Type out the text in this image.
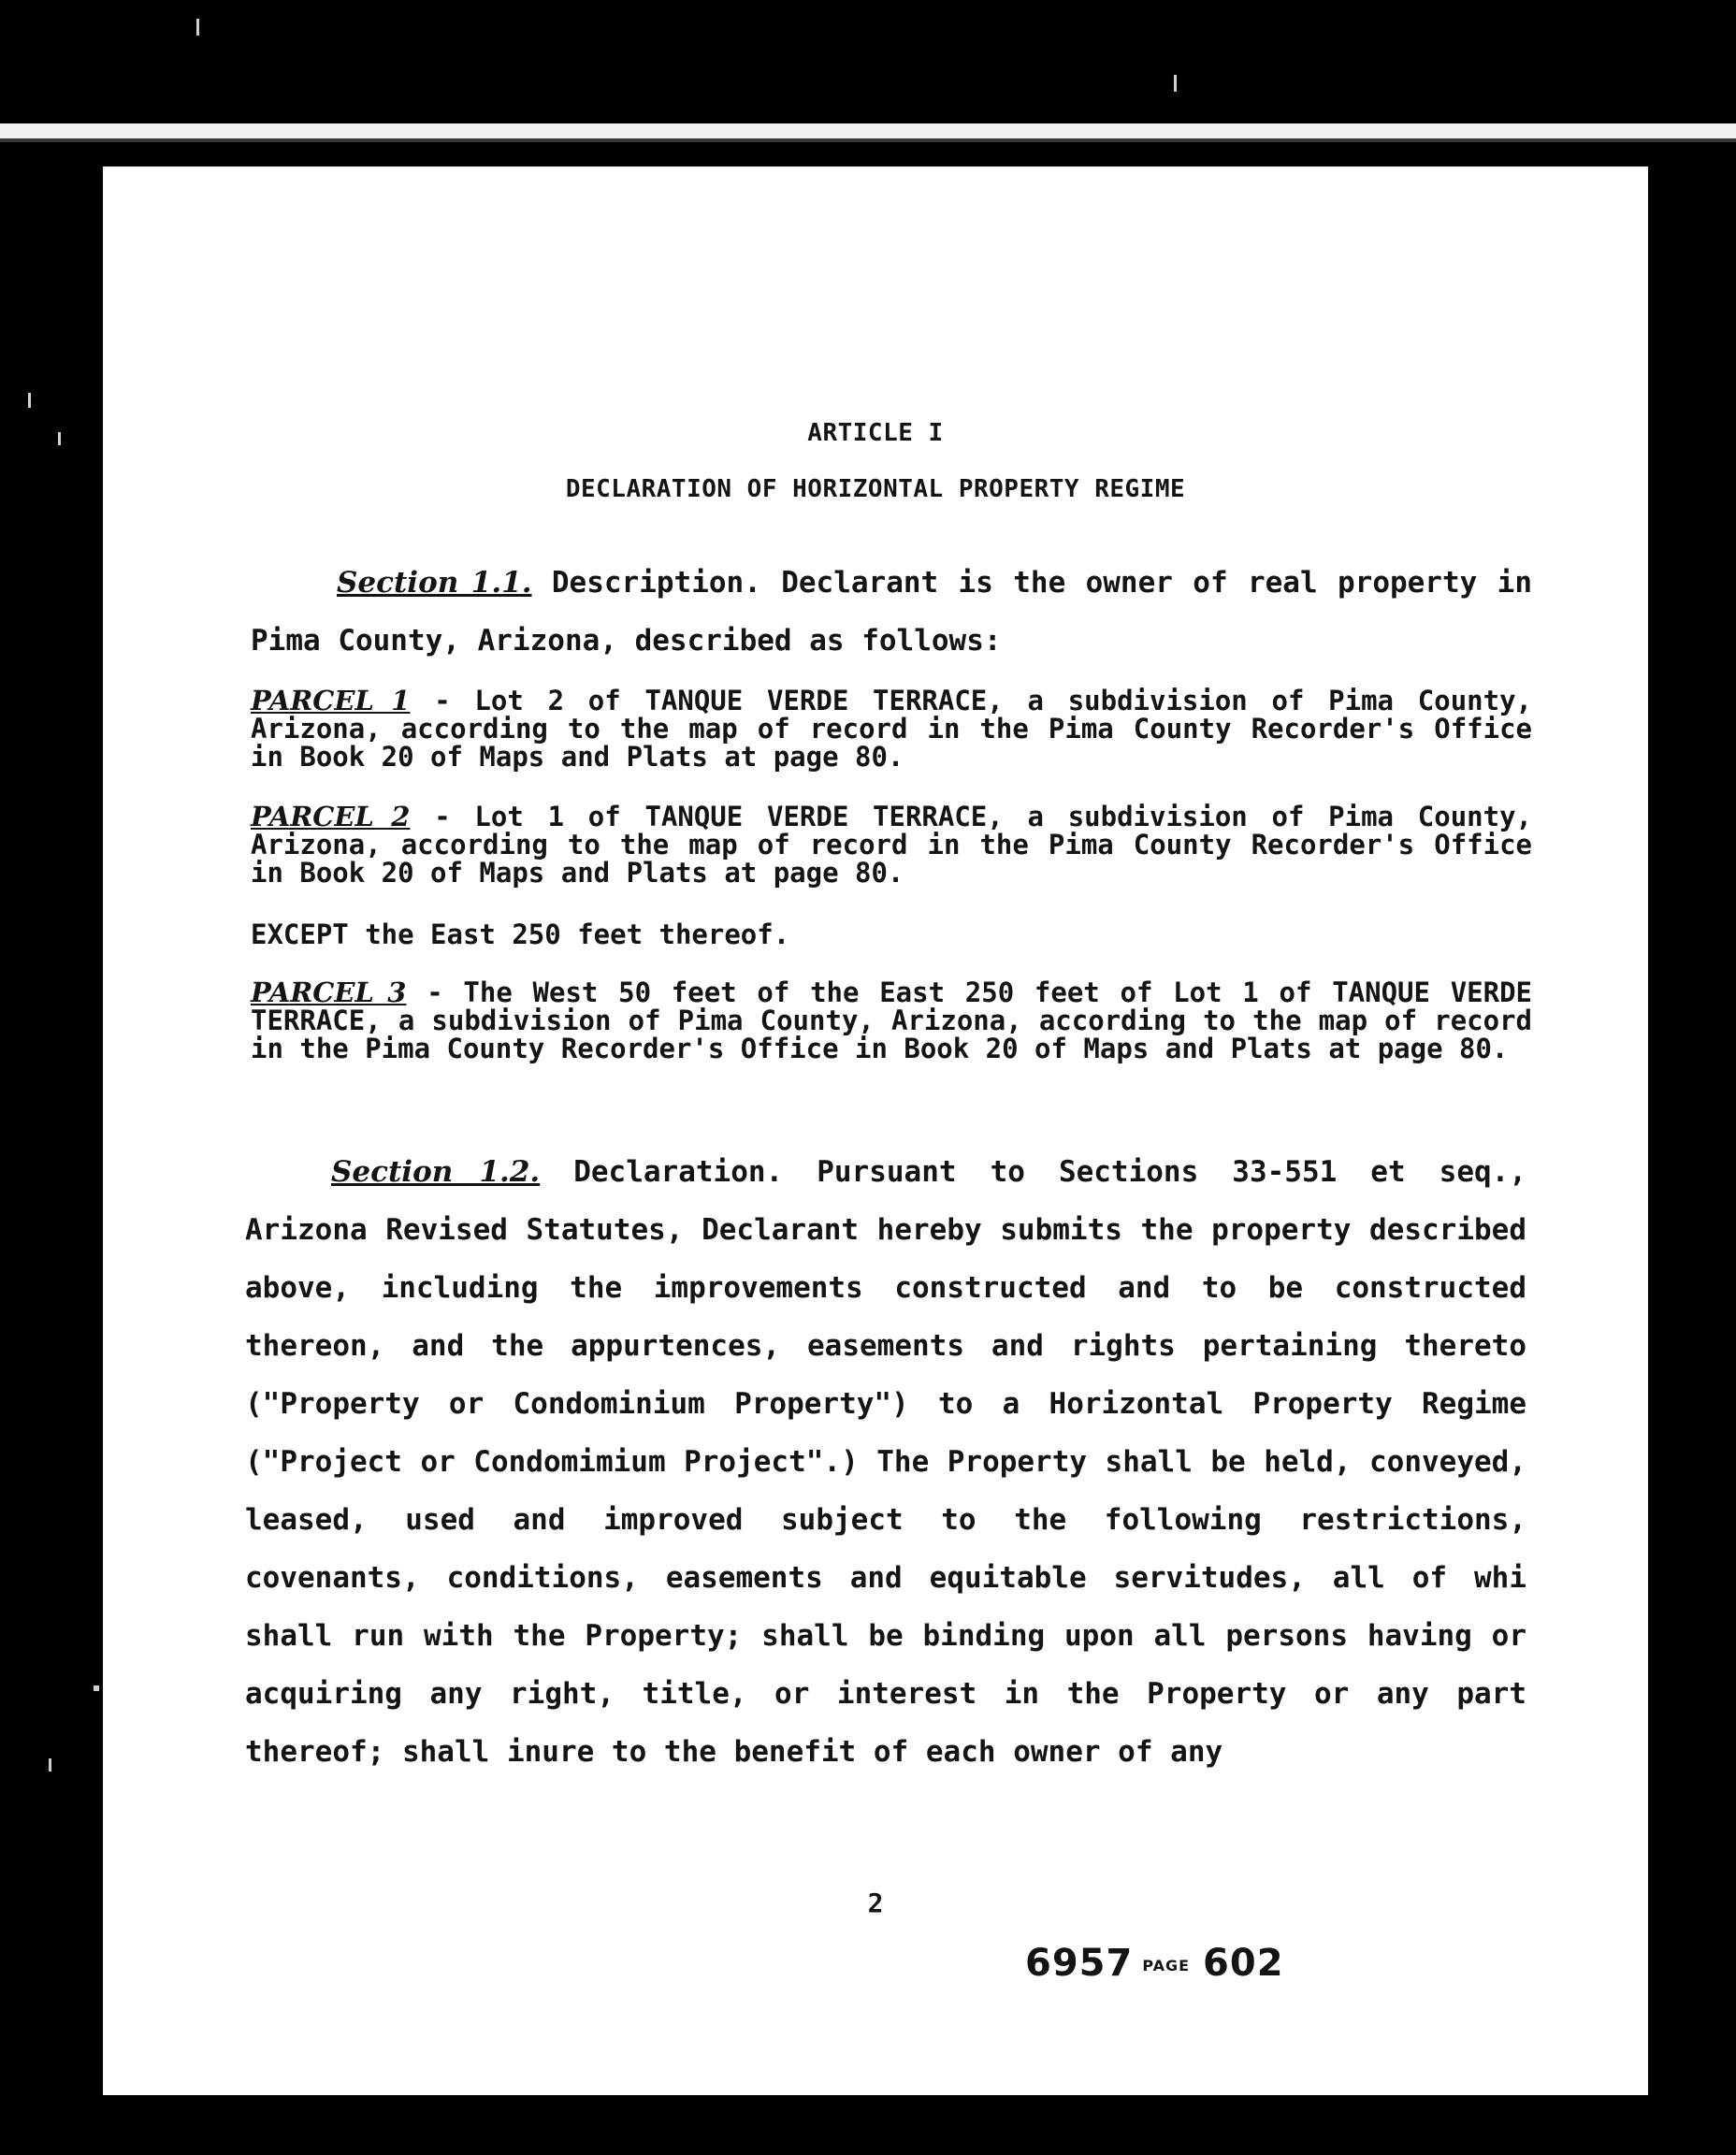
ARTICLE I
DECLARATION OF HORIZONTAL PROPERTY REGIME

Section 1.1. Description. Declarant is the owner of real property in Pima County, Arizona, described as follows:

PARCEL 1 - Lot 2 of TANQUE VERDE TERRACE, a subdivision of Pima County, Arizona, according to the map of record in the Pima County Recorder's Office in Book 20 of Maps and Plats at page 80.

PARCEL 2 - Lot 1 of TANQUE VERDE TERRACE, a subdivision of Pima County, Arizona, according to the map of record in the Pima County Recorder's Office in Book 20 of Maps and Plats at page 80.

EXCEPT the East 250 feet thereof.

PARCEL 3 - The West 50 feet of the East 250 feet of Lot 1 of TANQUE VERDE TERRACE, a subdivision of Pima County, Arizona, according to the map of record in the Pima County Recorder's Office in Book 20 of Maps and Plats at page 80.

Section 1.2. Declaration. Pursuant to Sections 33-551 et seq., Arizona Revised Statutes, Declarant hereby submits the property described above, including the improvements constructed and to be constructed thereon, and the appurtences, easements and rights pertaining thereto ("Property or Condominium Property") to a Horizontal Property Regime ("Project or Condomimium Project".) The Property shall be held, conveyed, leased, used and improved subject to the following restrictions, covenants, conditions, easements and equitable servitudes, all of whi shall run with the Property; shall be binding upon all persons having or acquiring any right, title, or interest in the Property or any part thereof; shall inure to the benefit of each owner of any

2
6957 PAGE 602
